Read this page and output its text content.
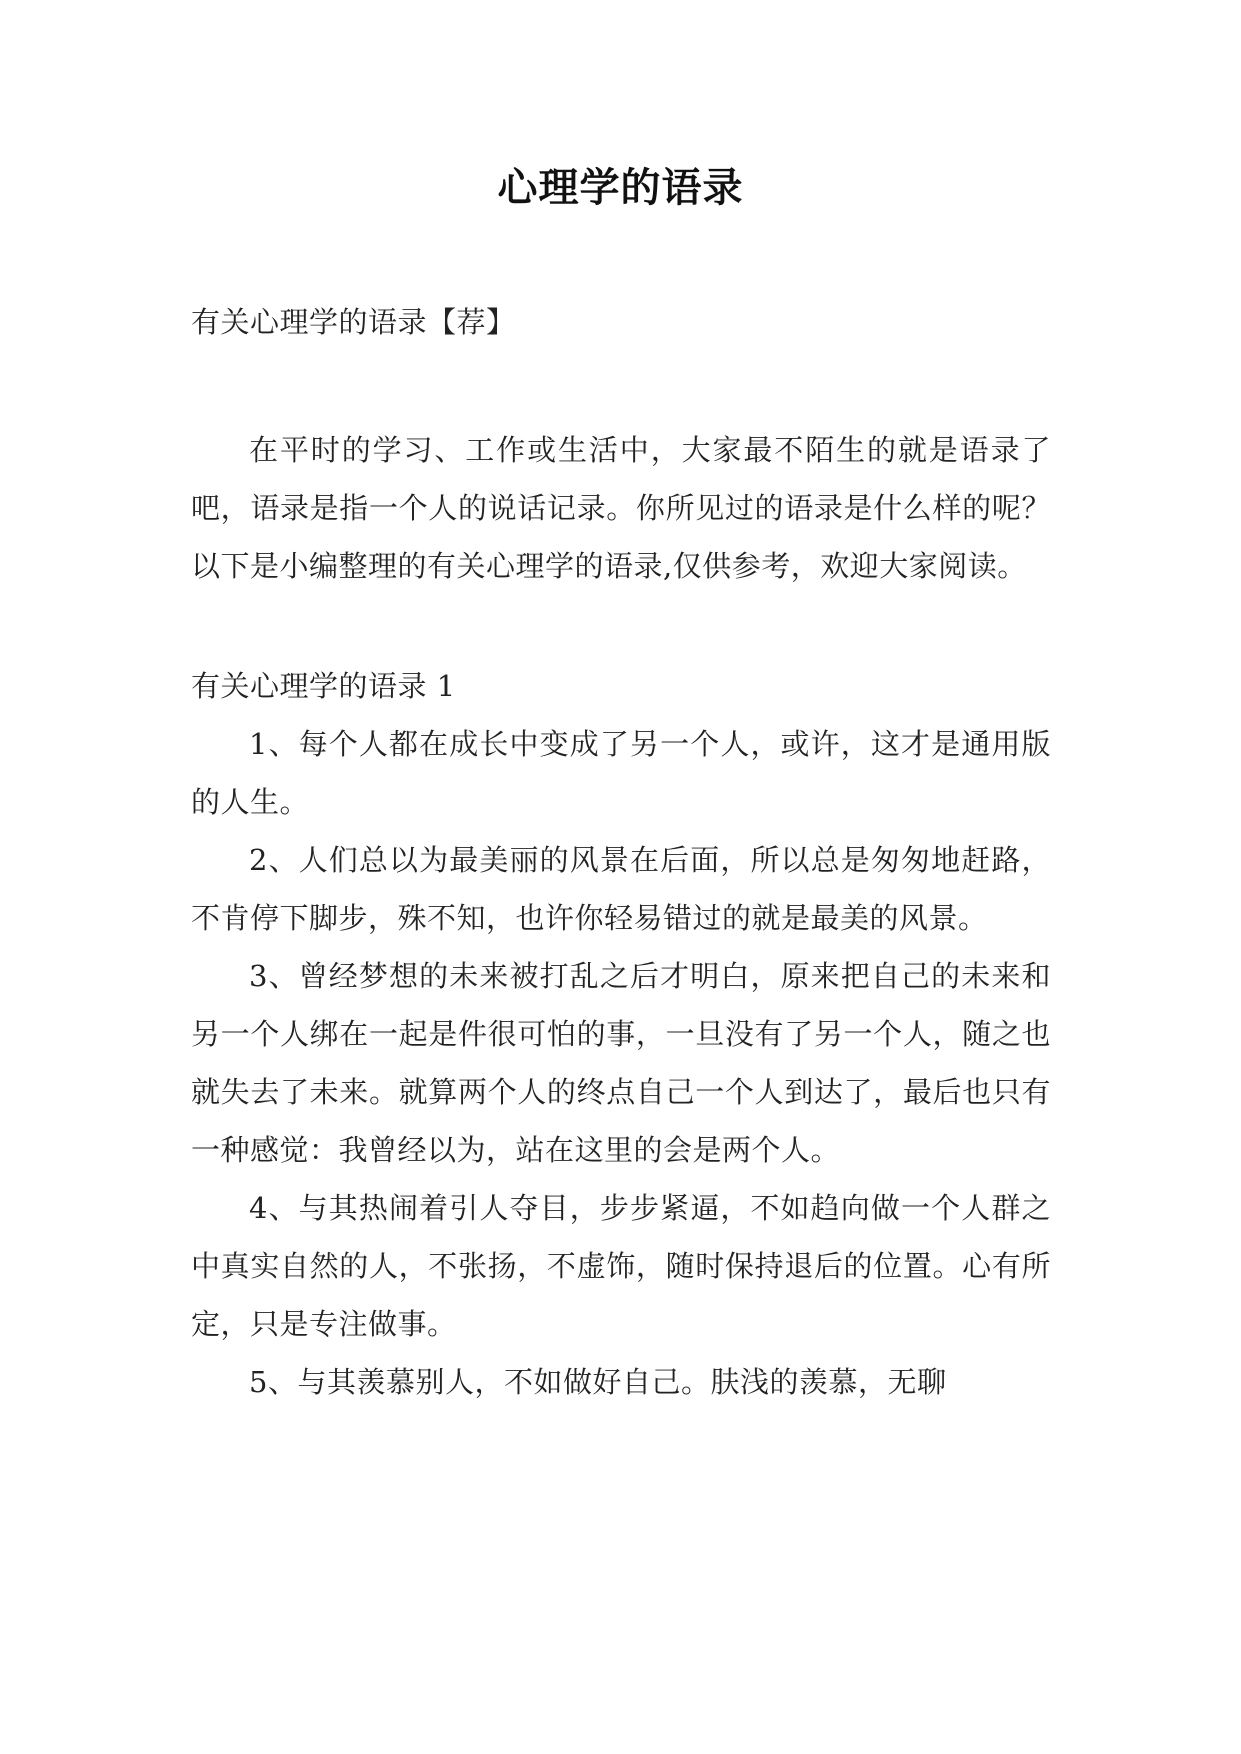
心理学的语录

有关心理学的语录【荐】

在平时的学习、工作或生活中，大家最不陌生的就是语录了吧，语录是指一个人的说话记录。你所见过的语录是什么样的呢？以下是小编整理的有关心理学的语录,仅供参考，欢迎大家阅读。

有关心理学的语录 1

1、每个人都在成长中变成了另一个人，或许，这才是通用版的人生。

2、人们总以为最美丽的风景在后面，所以总是匆匆地赶路，不肯停下脚步，殊不知，也许你轻易错过的就是最美的风景。

3、曾经梦想的未来被打乱之后才明白，原来把自己的未来和另一个人绑在一起是件很可怕的事，一旦没有了另一个人，随之也就失去了未来。就算两个人的终点自己一个人到达了，最后也只有一种感觉：我曾经以为，站在这里的会是两个人。

4、与其热闹着引人夺目，步步紧逼，不如趋向做一个人群之中真实自然的人，不张扬，不虚饰，随时保持退后的位置。心有所定，只是专注做事。

5、与其羡慕别人，不如做好自己。肤浅的羡慕，无聊
